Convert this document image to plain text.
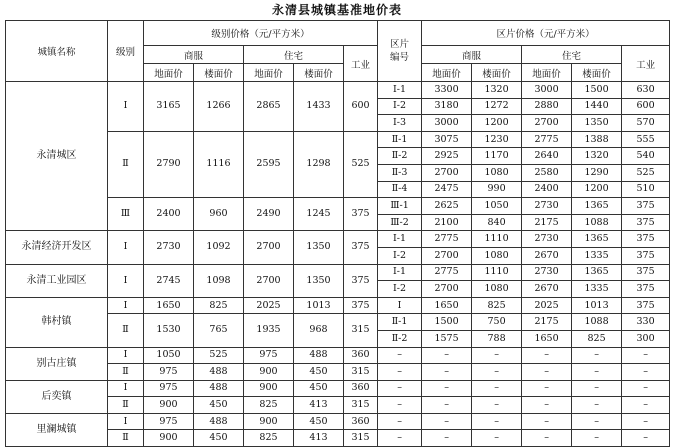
永清县城镇基准地价表
城镇名称	级别	级别价格（元/平方米）					区片
编号	区片价格（元/平方米）				
		商服		住宅		工业		商服		住宅		工业
		地面价	楼面价	地面价	楼面价			地面价	楼面价	地面价	楼面价	
永清城区	Ⅰ	3165	1266	2865	1433	600	Ⅰ-1	3300	1320	3000	1500	630
							Ⅰ-2	3180	1272	2880	1440	600
							Ⅰ-3	3000	1200	2700	1350	570
	Ⅱ	2790	1116	2595	1298	525	Ⅱ-1	3075	1230	2775	1388	555
							Ⅱ-2	2925	1170	2640	1320	540
							Ⅱ-3	2700	1080	2580	1290	525
							Ⅱ-4	2475	990	2400	1200	510
	Ⅲ	2400	960	2490	1245	375	Ⅲ-1	2625	1050	2730	1365	375
							Ⅲ-2	2100	840	2175	1088	375
永清经济开发区	Ⅰ	2730	1092	2700	1350	375	Ⅰ-1	2775	1110	2730	1365	375
							Ⅰ-2	2700	1080	2670	1335	375
永清工业园区	Ⅰ	2745	1098	2700	1350	375	Ⅰ-1	2775	1110	2730	1365	375
							Ⅰ-2	2700	1080	2670	1335	375
韩村镇	Ⅰ	1650	825	2025	1013	375	Ⅰ	1650	825	2025	1013	375
	Ⅱ	1530	765	1935	968	315	Ⅱ-1	1500	750	2175	1088	330
							Ⅱ-2	1575	788	1650	825	300
别古庄镇	Ⅰ	1050	525	975	488	360	–	–	–	–	–	–
	Ⅱ	975	488	900	450	315	–	–	–	–	–	–
后奕镇	Ⅰ	975	488	900	450	360	–	–	–	–	–	–
	Ⅱ	900	450	825	413	315	–	–	–	–	–	–
里澜城镇	Ⅰ	975	488	900	450	360	–	–	–	–	–	–
	Ⅱ	900	450	825	413	315	–	–	–	–	–	–
